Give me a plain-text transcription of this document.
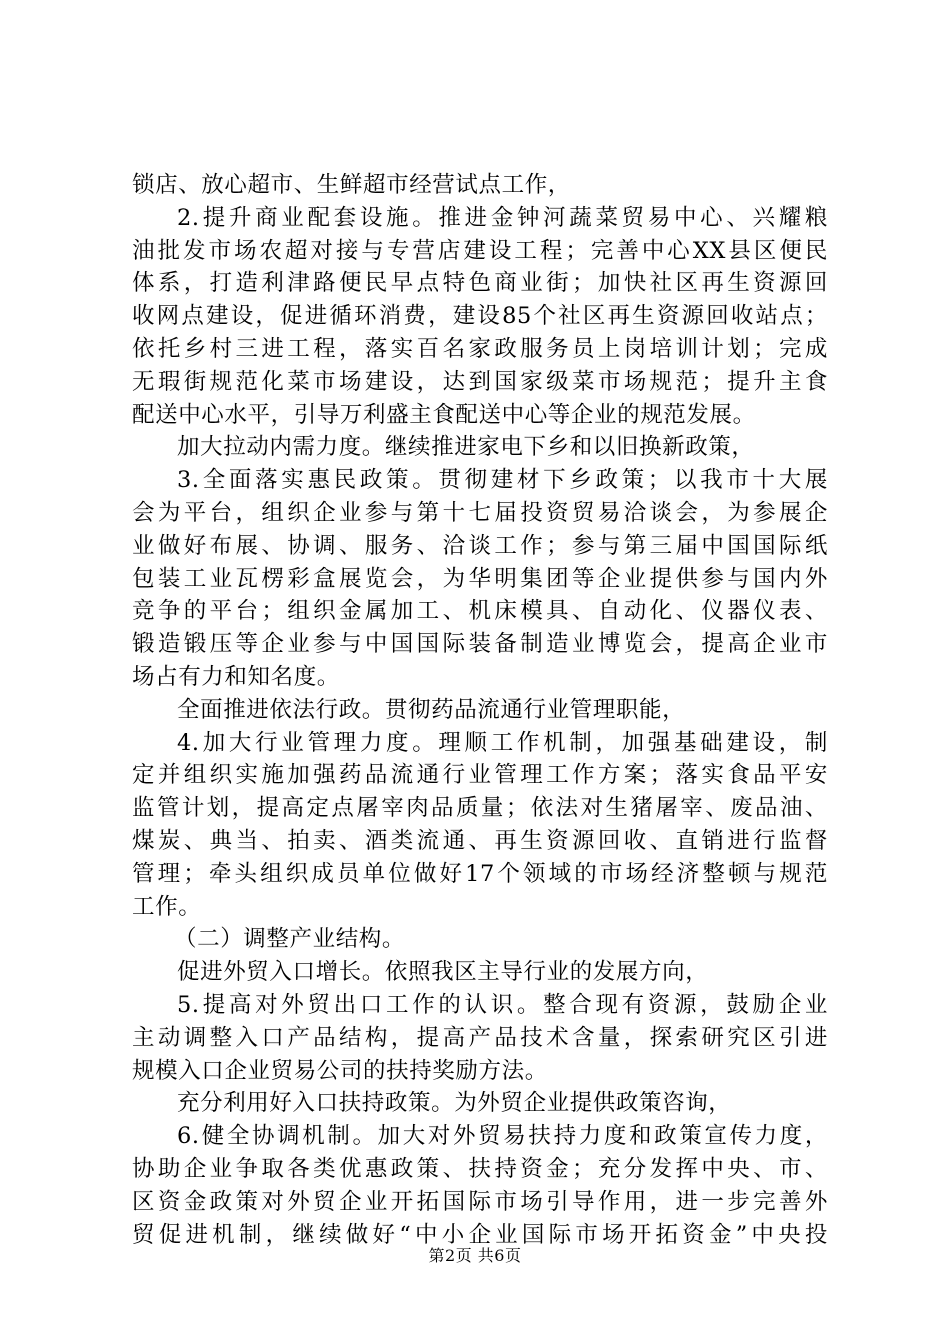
锁店、放心超市、生鲜超市经营试点工作，
2.提升商业配套设施。推进金钟河蔬菜贸易中心、兴耀粮
油批发市场农超对接与专营店建设工程；完善中心XX县区便民
体系，打造利津路便民早点特色商业街；加快社区再生资源回
收网点建设，促进循环消费，建设85个社区再生资源回收站点；
依托乡村三进工程，落实百名家政服务员上岗培训计划；完成
无瑕街规范化菜市场建设，达到国家级菜市场规范；提升主食
配送中心水平，引导万利盛主食配送中心等企业的规范发展。
加大拉动内需力度。继续推进家电下乡和以旧换新政策，
3.全面落实惠民政策。贯彻建材下乡政策；以我市十大展
会为平台，组织企业参与第十七届投资贸易洽谈会，为参展企
业做好布展、协调、服务、洽谈工作；参与第三届中国国际纸
包装工业瓦楞彩盒展览会，为华明集团等企业提供参与国内外
竞争的平台；组织金属加工、机床模具、自动化、仪器仪表、
锻造锻压等企业参与中国国际装备制造业博览会，提高企业市
场占有力和知名度。
全面推进依法行政。贯彻药品流通行业管理职能，
4.加大行业管理力度。理顺工作机制，加强基础建设，制
定并组织实施加强药品流通行业管理工作方案；落实食品平安
监管计划，提高定点屠宰肉品质量；依法对生猪屠宰、废品油、
煤炭、典当、拍卖、酒类流通、再生资源回收、直销进行监督
管理；牵头组织成员单位做好17个领域的市场经济整顿与规范
工作。
（二）调整产业结构。
促进外贸入口增长。依照我区主导行业的发展方向，
5.提高对外贸出口工作的认识。整合现有资源，鼓励企业
主动调整入口产品结构，提高产品技术含量，探索研究区引进
规模入口企业贸易公司的扶持奖励方法。
充分利用好入口扶持政策。为外贸企业提供政策咨询，
6.健全协调机制。加大对外贸易扶持力度和政策宣传力度，
协助企业争取各类优惠政策、扶持资金；充分发挥中央、市、
区资金政策对外贸企业开拓国际市场引导作用，进一步完善外
贸促进机制，继续做好“中小企业国际市场开拓资金”中央投
第2页 共6页
